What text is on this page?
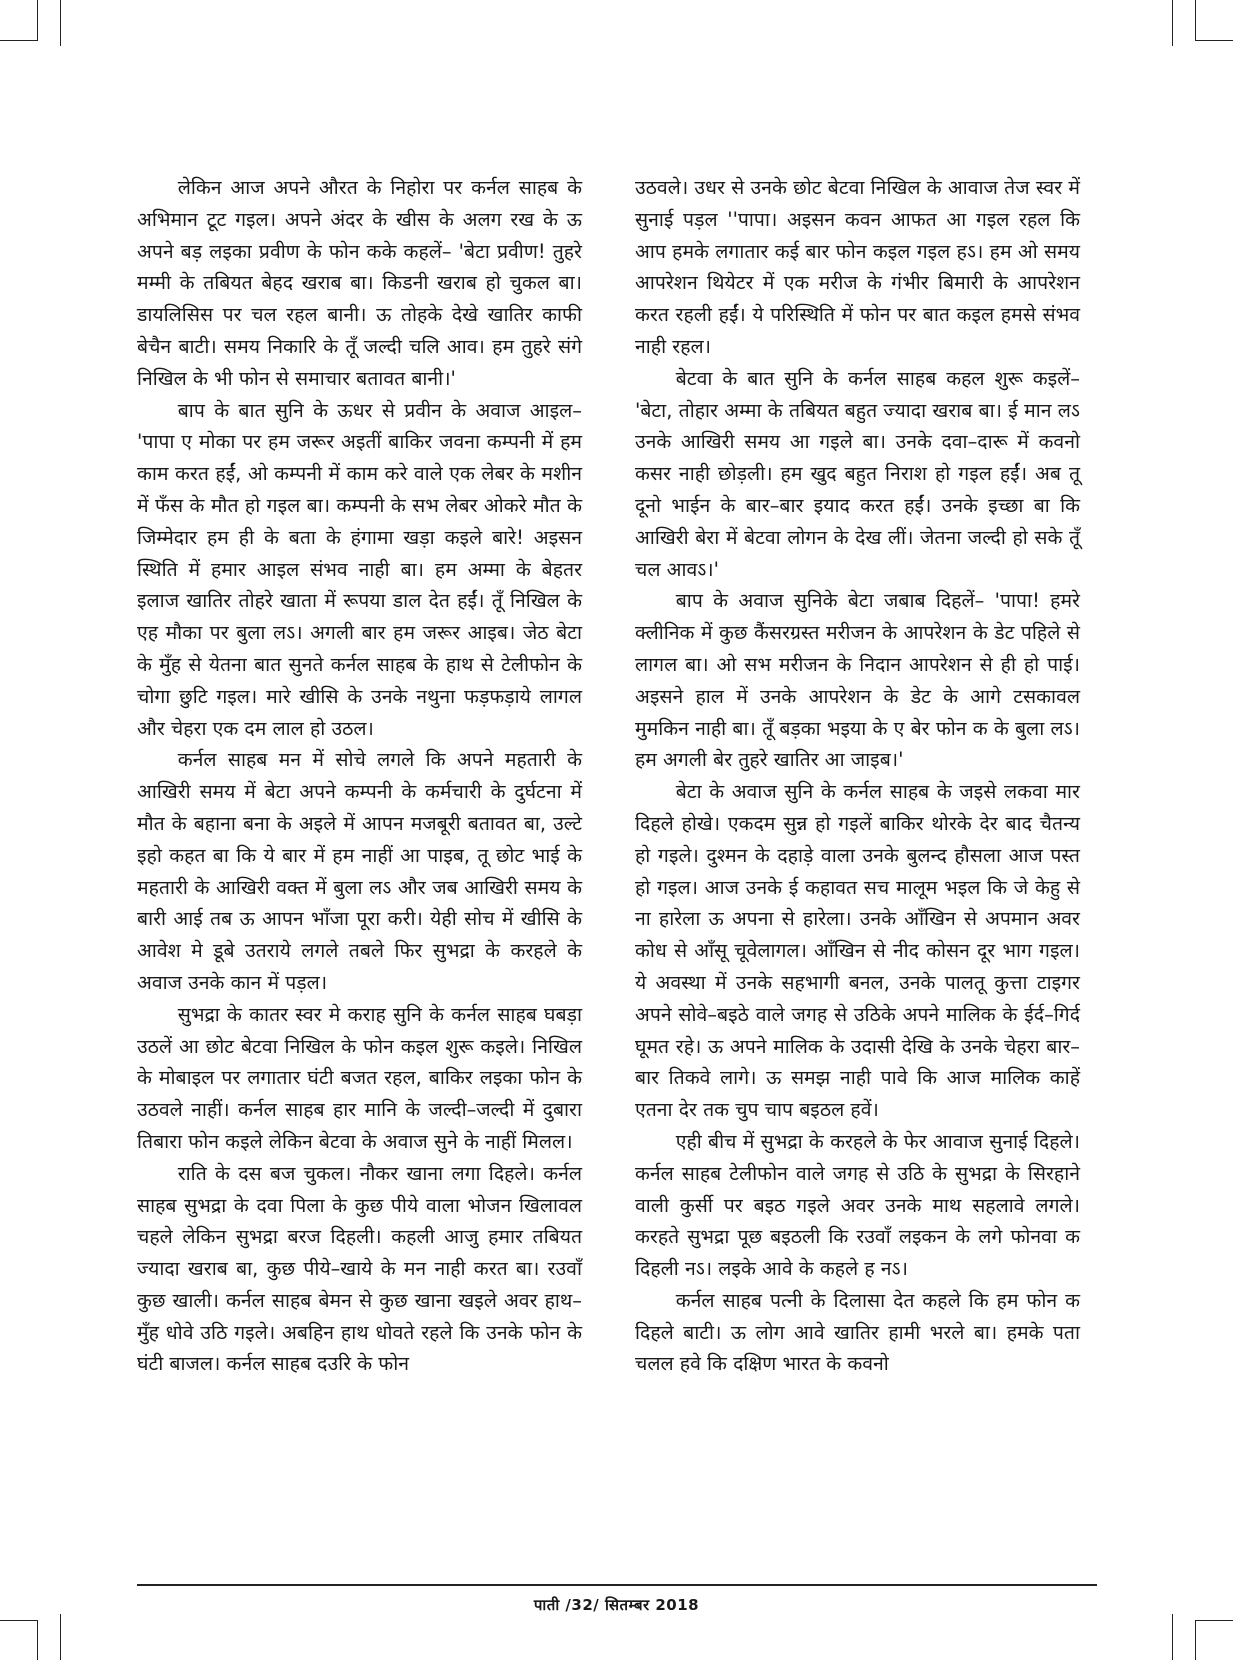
लेकिन आज अपने औरत के निहोरा पर कर्नल साहब के अभिमान टूट गइल। अपने अंदर के खीस के अलग रख के ऊ अपने बड़ लइका प्रवीण के फोन कके कहलें– 'बेटा प्रवीण! तुहरे मम्मी के तबियत बेहद खराब बा। किडनी खराब हो चुकल बा। डायलिसिस पर चल रहल बानी। ऊ तोहके देखे खातिर काफी बेचैन बाटी। समय निकारि के तूँ जल्दी चलि आव। हम तुहरे संगे निखिल के भी फोन से समाचार बतावत बानी।'

बाप के बात सुनि के ऊधर से प्रवीन के अवाज आइल– 'पापा ए मोका पर हम जरूर अइतीं बाकिर जवना कम्पनी में हम काम करत हईं, ओ कम्पनी में काम करे वाले एक लेबर के मशीन में फँस के मौत हो गइल बा। कम्पनी के सभ लेबर ओकरे मौत के जिम्मेदार हम ही के बता के हंगामा खड़ा कइले बारे! अइसन स्थिति में हमार आइल संभव नाही बा। हम अम्मा के बेहतर इलाज खातिर तोहरे खाता में रूपया डाल देत हईं। तूँ निखिल के एह मौका पर बुला लऽ। अगली बार हम जरूर आइब। जेठ बेटा के मुँह से येतना बात सुनते कर्नल साहब के हाथ से टेलीफोन के चोगा छुटि गइल। मारे खीसि के उनके नथुना फड़फड़ाये लागल और चेहरा एक दम लाल हो उठल।

कर्नल साहब मन में सोचे लगले कि अपने महतारी के आखिरी समय में बेटा अपने कम्पनी के कर्मचारी के दुर्घटना में मौत के बहाना बना के अइले में आपन मजबूरी बतावत बा, उल्टे इहो कहत बा कि ये बार में हम नाहीं आ पाइब, तू छोट भाई के महतारी के आखिरी वक्त में बुला लऽ और जब आखिरी समय के बारी आई तब ऊ आपन भाँजा पूरा करी। येही सोच में खीसि के आवेश मे डूबे उतराये लगले तबले फिर सुभद्रा के करहले के अवाज उनके कान में पड़ल।

सुभद्रा के कातर स्वर मे कराह सुनि के कर्नल साहब घबड़ा उठलें आ छोट बेटवा निखिल के फोन कइल शुरू कइले। निखिल के मोबाइल पर लगातार घंटी बजत रहल, बाकिर लइका फोन के उठवले नाहीं। कर्नल साहब हार मानि के जल्दी–जल्दी में दुबारा तिबारा फोन कइले लेकिन बेटवा के अवाज सुने के नाहीं मिलल।

राति के दस बज चुकल। नौकर खाना लगा दिहले। कर्नल साहब सुभद्रा के दवा पिला के कुछ पीये वाला भोजन खिलावल चहले लेकिन सुभद्रा बरज दिहली। कहली आजु हमार तबियत ज्यादा खराब बा, कुछ पीये–खाये के मन नाही करत बा। रउवाँ कुछ खाली। कर्नल साहब बेमन से कुछ खाना खइले अवर हाथ–मुँह धोवे उठि गइले। अबहिन हाथ धोवते रहले कि उनके फोन के घंटी बाजल। कर्नल साहब दउरि के फोन

उठवले। उधर से उनके छोट बेटवा निखिल के आवाज तेज स्वर में सुनाई पड़ल ''पापा। अइसन कवन आफत आ गइल रहल कि आप हमके लगातार कई बार फोन कइल गइल हऽ। हम ओ समय आपरेशन थियेटर में एक मरीज के गंभीर बिमारी के आपरेशन करत रहली हईं। ये परिस्थिति में फोन पर बात कइल हमसे संभव नाही रहल।

बेटवा के बात सुनि के कर्नल साहब कहल शुरू कइलें– 'बेटा, तोहार अम्मा के तबियत बहुत ज्यादा खराब बा। ई मान लऽ उनके आखिरी समय आ गइले बा। उनके दवा–दारू में कवनो कसर नाही छोड़ली। हम खुद बहुत निराश हो गइल हईं। अब तू दूनो भाईन के बार–बार इयाद करत हईं। उनके इच्छा बा कि आखिरी बेरा में बेटवा लोगन के देख लीं। जेतना जल्दी हो सके तूँ चल आवऽ।'

बाप के अवाज सुनिके बेटा जबाब दिहलें– 'पापा! हमरे क्लीनिक में कुछ कैंसरग्रस्त मरीजन के आपरेशन के डेट पहिले से लागल बा। ओ सभ मरीजन के निदान आपरेशन से ही हो पाई। अइसने हाल में उनके आपरेशन के डेट के आगे टसकावल मुमकिन नाही बा। तूँ बड़का भइया के ए बेर फोन क के बुला लऽ। हम अगली बेर तुहरे खातिर आ जाइब।'

बेटा के अवाज सुनि के कर्नल साहब के जइसे लकवा मार दिहले होखे। एकदम सुन्न हो गइलें बाकिर थोरके देर बाद चैतन्य हो गइले। दुश्मन के दहाड़े वाला उनके बुलन्द हौसला आज पस्त हो गइल। आज उनके ई कहावत सच मालूम भइल कि जे केहु से ना हारेला ऊ अपना से हारेला। उनके आँखिन से अपमान अवर कोध से आँसू चूवेलागल। आँखिन से नीद कोसन दूर भाग गइल। ये अवस्था में उनके सहभागी बनल, उनके पालतू कुत्ता टाइगर अपने सोवे–बइठे वाले जगह से उठिके अपने मालिक के ईर्द–गिर्द घूमत रहे। ऊ अपने मालिक के उदासी देखि के उनके चेहरा बार–बार तिकवे लागे। ऊ समझ नाही पावे कि आज मालिक काहें एतना देर तक चुप चाप बइठल हवें।

एही बीच में सुभद्रा के करहले के फेर आवाज सुनाई दिहले। कर्नल साहब टेलीफोन वाले जगह से उठि के सुभद्रा के सिरहाने वाली कुर्सी पर बइठ गइले अवर उनके माथ सहलावे लगले। करहते सुभद्रा पूछ बइठली कि रउवाँ लइकन के लगे फोनवा क दिहली नऽ। लइके आवे के कहले ह नऽ।

कर्नल साहब पत्नी के दिलासा देत कहले कि हम फोन क दिहले बाटी। ऊ लोग आवे खातिर हामी भरले बा। हमके पता चलल हवे कि दक्षिण भारत के कवनो

पाती /32/ सितम्बर 2018
